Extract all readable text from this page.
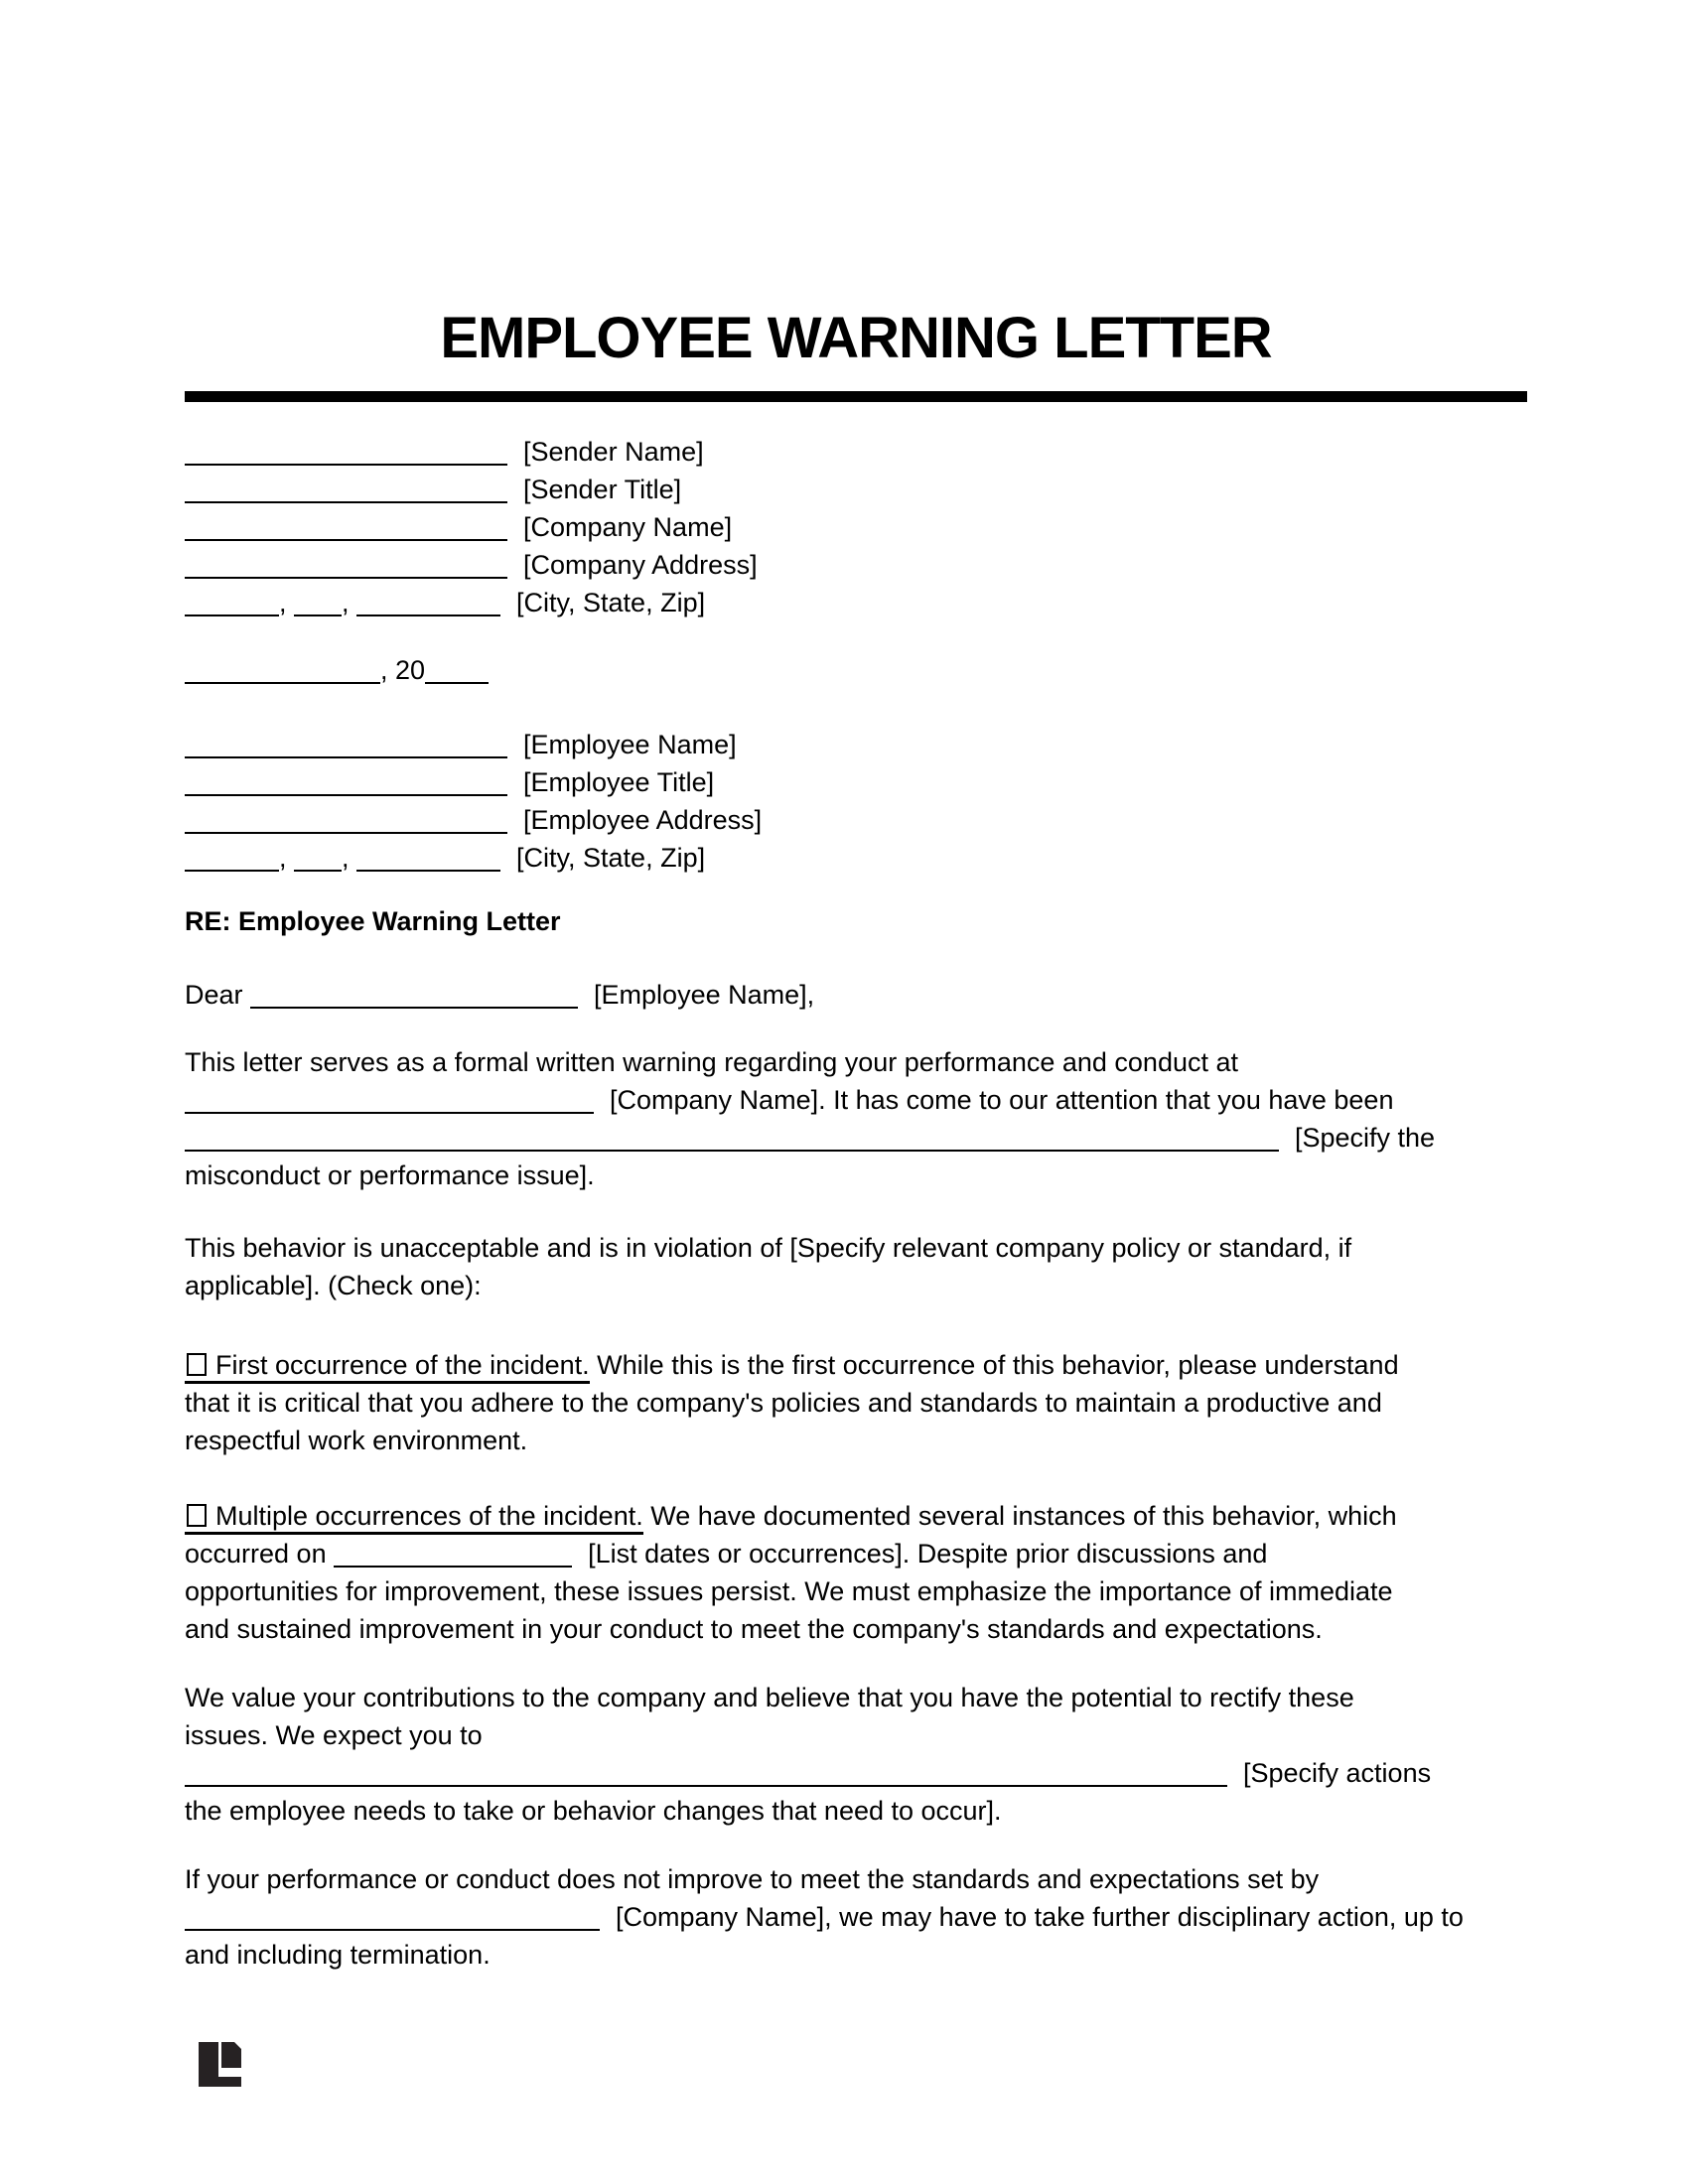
EMPLOYEE WARNING LETTER
[Sender Name]
[Sender Title]
[Company Name]
[Company Address]
, ,	[City, State, Zip]
, 20
[Employee Name]
[Employee Title]
[Employee Address]
, ,	[City, State, Zip]
RE: Employee Warning Letter
Dear	[Employee Name],
This letter serves as a formal written warning regarding your performance and conduct at
[Company Name]. It has come to our attention that you have been
[Specify the
misconduct or performance issue].
This behavior is unacceptable and is in violation of [Specify relevant company policy or standard, if
applicable]. (Check one):
First occurrence of the incident. While this is the first occurrence of this behavior, please understand
that it is critical that you adhere to the company's policies and standards to maintain a productive and
respectful work environment.
Multiple occurrences of the incident. We have documented several instances of this behavior, which
occurred on	[List dates or occurrences]. Despite prior discussions and
opportunities for improvement, these issues persist. We must emphasize the importance of immediate
and sustained improvement in your conduct to meet the company's standards and expectations.
We value your contributions to the company and believe that you have the potential to rectify these
issues. We expect you to
[Specify actions
the employee needs to take or behavior changes that need to occur].
If your performance or conduct does not improve to meet the standards and expectations set by
[Company Name], we may have to take further disciplinary action, up to
and including termination.
